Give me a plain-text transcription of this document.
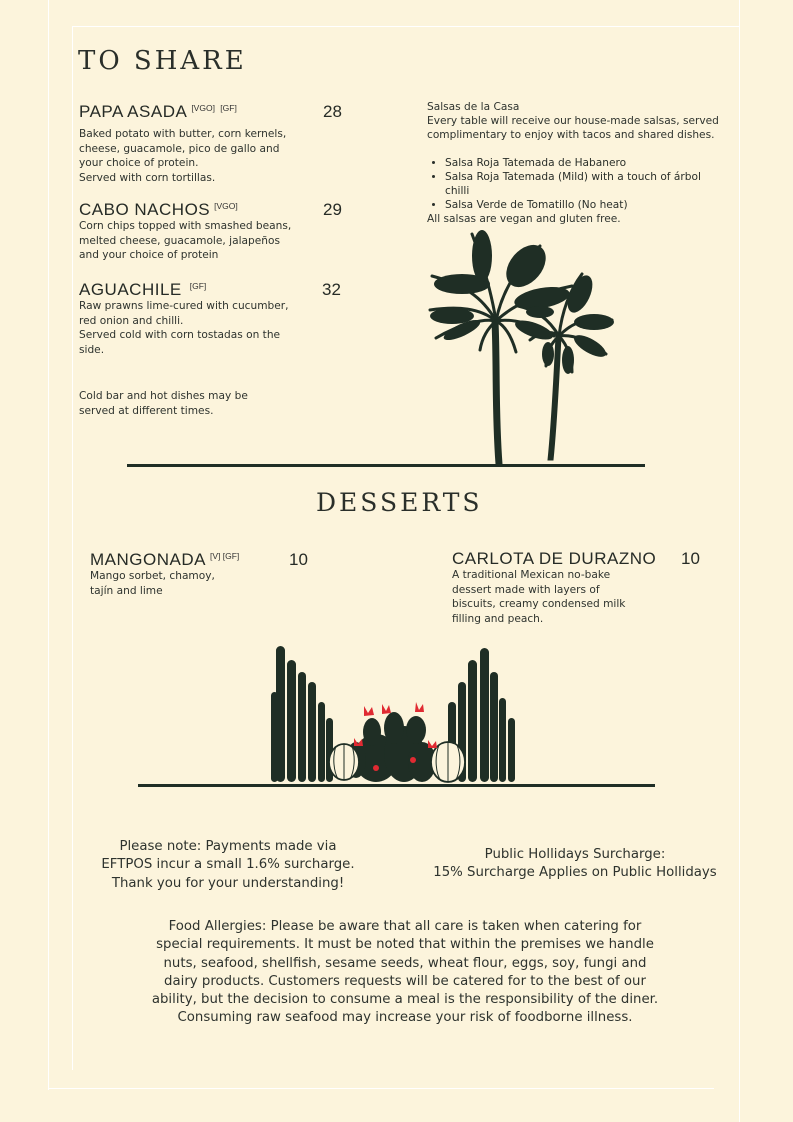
TO SHARE
PAPA ASADA [VGO] [GF]	28
Baked potato with butter, corn kernels,
cheese, guacamole, pico de gallo and
your choice of protein.
Served with corn tortillas.
CABO NACHOS [VGO]	29
Corn chips topped with smashed beans,
melted cheese, guacamole, jalapeños
and your choice of protein
AGUACHILE [GF]	32
Raw prawns lime-cured with cucumber,
red onion and chilli.
Served cold with corn tostadas on the
side.
Cold bar and hot dishes may be
served at different times.
Salsas de la Casa
Every table will receive our house-made salsas, served
complimentary to enjoy with tacos and shared dishes.
• Salsa Roja Tatemada de Habanero
• Salsa Roja Tatemada (Mild) with a touch of árbol chilli
• Salsa Verde de Tomatillo (No heat)
All salsas are vegan and gluten free.
DESSERTS
MANGONADA [V] [GF]	10
Mango sorbet, chamoy,
tajín and lime
CARLOTA DE DURAZNO 10
A traditional Mexican no-bake
dessert made with layers of
biscuits, creamy condensed milk
filling and peach.
Please note: Payments made via
EFTPOS incur a small 1.6% surcharge.
Thank you for your understanding!
Public Hollidays Surcharge:
15% Surcharge Applies on Public Hollidays
Food Allergies: Please be aware that all care is taken when catering for
special requirements. It must be noted that within the premises we handle
nuts, seafood, shellfish, sesame seeds, wheat flour, eggs, soy, fungi and
dairy products. Customers requests will be catered for to the best of our
ability, but the decision to consume a meal is the responsibility of the diner.
Consuming raw seafood may increase your risk of foodborne illness.
